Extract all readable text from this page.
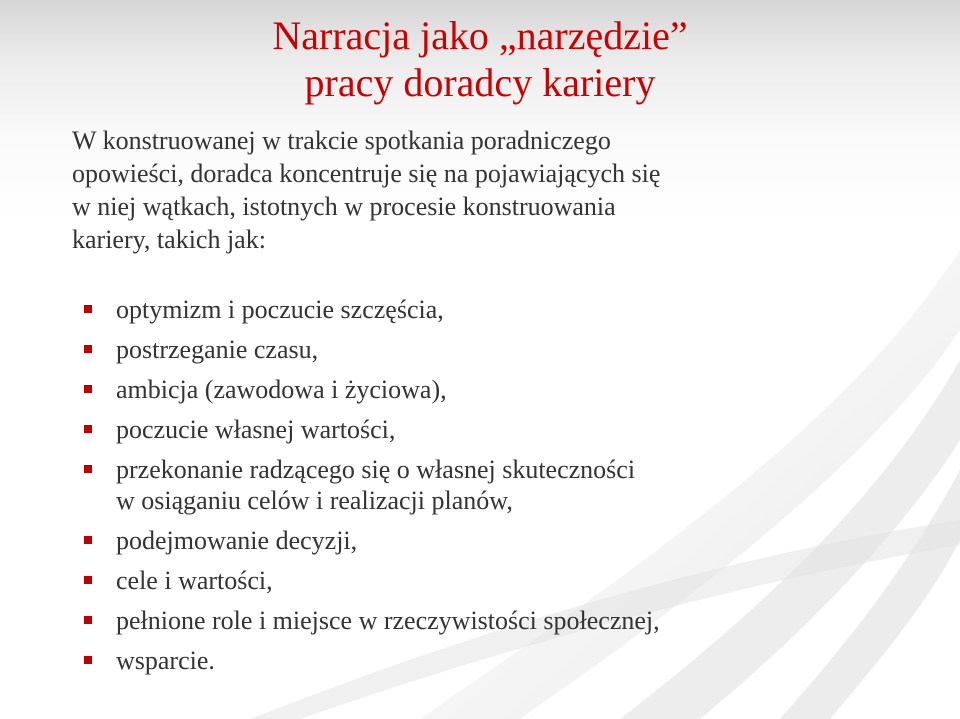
Narracja jako „narzędzie”
pracy doradcy kariery
W konstruowanej w trakcie spotkania poradniczego
opowieści, doradca koncentruje się na pojawiających się
w niej wątkach, istotnych w procesie konstruowania
kariery, takich jak:
optymizm i poczucie szczęścia,
postrzeganie czasu,
ambicja (zawodowa i życiowa),
poczucie własnej wartości,
przekonanie radzącego się o własnej skuteczności
w osiąganiu celów i realizacji planów,
podejmowanie decyzji,
cele i wartości,
pełnione role i miejsce w rzeczywistości społecznej,
wsparcie.
